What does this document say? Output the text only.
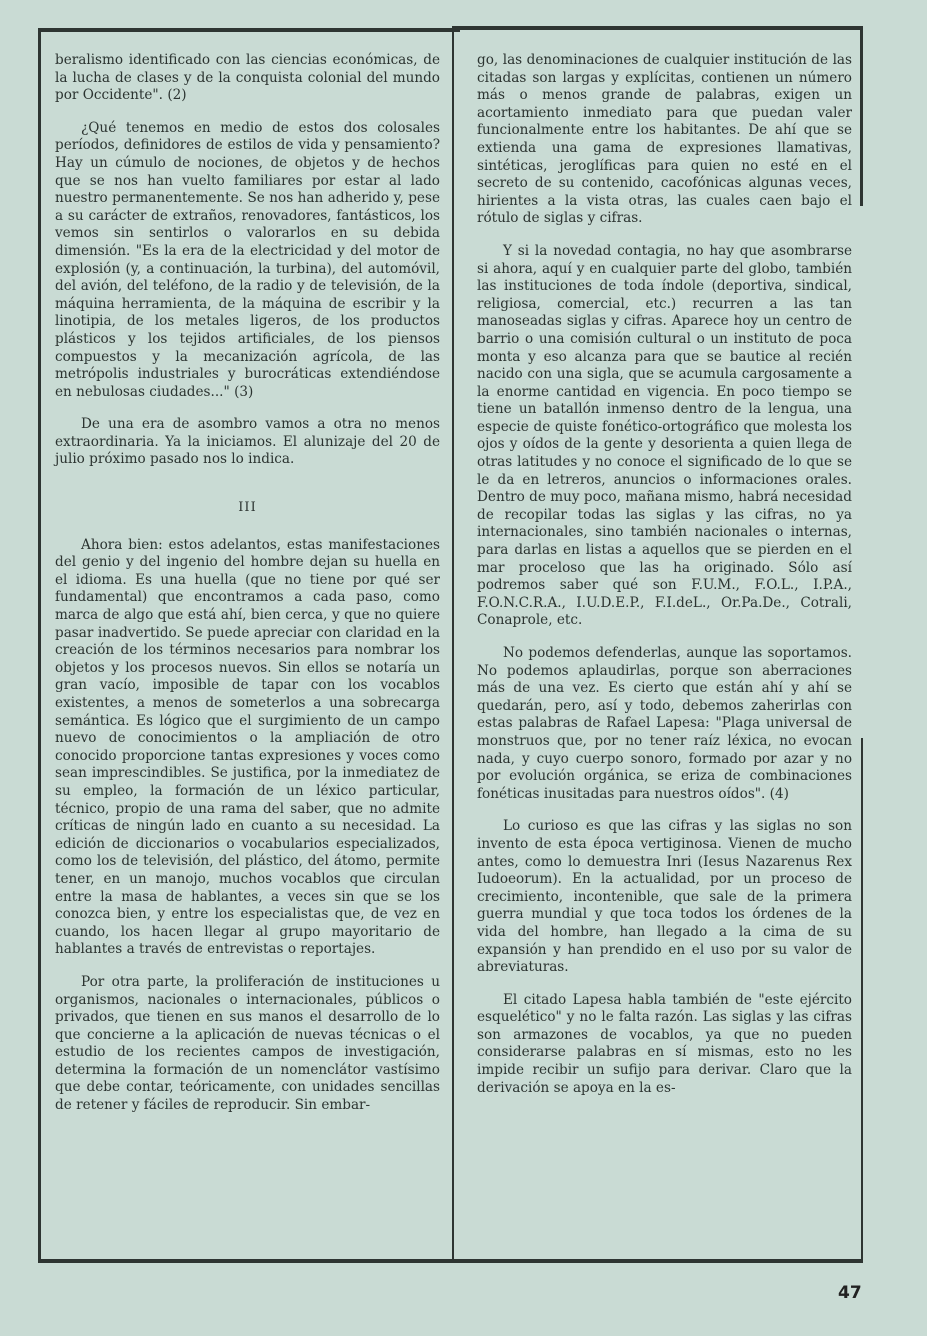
beralismo identificado con las ciencias económicas, de la lucha de clases y de la conquista colonial del mundo por Occidente". (2)

¿Qué tenemos en medio de estos dos colosales períodos, definidores de estilos de vida y pensamiento? Hay un cúmulo de nociones, de objetos y de hechos que se nos han vuelto familiares por estar al lado nuestro permanentemente. Se nos han adherido y, pese a su carácter de extraños, renovadores, fantásticos, los vemos sin sentirlos o valorarlos en su debida dimensión. "Es la era de la electricidad y del motor de explosión (y, a continuación, la turbina), del automóvil, del avión, del teléfono, de la radio y de televisión, de la máquina herramienta, de la máquina de escribir y la linotipia, de los metales ligeros, de los productos plásticos y los tejidos artificiales, de los piensos compuestos y la mecanización agrícola, de las metrópolis industriales y burocráticas extendiéndose en nebulosas ciudades..." (3)

De una era de asombro vamos a otra no menos extraordinaria. Ya la iniciamos. El alunizaje del 20 de julio próximo pasado nos lo indica.

III

Ahora bien: estos adelantos, estas manifestaciones del genio y del ingenio del hombre dejan su huella en el idioma. Es una huella (que no tiene por qué ser fundamental) que encontramos a cada paso, como marca de algo que está ahí, bien cerca, y que no quiere pasar inadvertido. Se puede apreciar con claridad en la creación de los términos necesarios para nombrar los objetos y los procesos nuevos. Sin ellos se notaría un gran vacío, imposible de tapar con los vocablos existentes, a menos de someterlos a una sobrecarga semántica. Es lógico que el surgimiento de un campo nuevo de conocimientos o la ampliación de otro conocido proporcione tantas expresiones y voces como sean imprescindibles. Se justifica, por la inmediatez de su empleo, la formación de un léxico particular, técnico, propio de una rama del saber, que no admite críticas de ningún lado en cuanto a su necesidad. La edición de diccionarios o vocabularios especializados, como los de televisión, del plástico, del átomo, permite tener, en un manojo, muchos vocablos que circulan entre la masa de hablantes, a veces sin que se los conozca bien, y entre los especialistas que, de vez en cuando, los hacen llegar al grupo mayoritario de hablantes a través de entrevistas o reportajes.

Por otra parte, la proliferación de instituciones u organismos, nacionales o internacionales, públicos o privados, que tienen en sus manos el desarrollo de lo que concierne a la aplicación de nuevas técnicas o el estudio de los recientes campos de investigación, determina la formación de un nomenclátor vastísimo que debe contar, teóricamente, con unidades sencillas de retener y fáciles de reproducir. Sin embar-

go, las denominaciones de cualquier institución de las citadas son largas y explícitas, contienen un número más o menos grande de palabras, exigen un acortamiento inmediato para que puedan valer funcionalmente entre los habitantes. De ahí que se extienda una gama de expresiones llamativas, sintéticas, jeroglíficas para quien no esté en el secreto de su contenido, cacofónicas algunas veces, hirientes a la vista otras, las cuales caen bajo el rótulo de siglas y cifras.

Y si la novedad contagia, no hay que asombrarse si ahora, aquí y en cualquier parte del globo, también las instituciones de toda índole (deportiva, sindical, religiosa, comercial, etc.) recurren a las tan manoseadas siglas y cifras. Aparece hoy un centro de barrio o una comisión cultural o un instituto de poca monta y eso alcanza para que se bautice al recién nacido con una sigla, que se acumula cargosamente a la enorme cantidad en vigencia. En poco tiempo se tiene un batallón inmenso dentro de la lengua, una especie de quiste fonético-ortográfico que molesta los ojos y oídos de la gente y desorienta a quien llega de otras latitudes y no conoce el significado de lo que se le da en letreros, anuncios o informaciones orales. Dentro de muy poco, mañana mismo, habrá necesidad de recopilar todas las siglas y las cifras, no ya internacionales, sino también nacionales o internas, para darlas en listas a aquellos que se pierden en el mar proceloso que las ha originado. Sólo así podremos saber qué son F.U.M., F.O.L., I.P.A., F.O.N.C.R.A., I.U.D.E.P., F.I.deL., Or.Pa.De., Cotrali, Conaprole, etc.

No podemos defenderlas, aunque las soportamos. No podemos aplaudirlas, porque son aberraciones más de una vez. Es cierto que están ahí y ahí se quedarán, pero, así y todo, debemos zaherirlas con estas palabras de Rafael Lapesa: "Plaga universal de monstruos que, por no tener raíz léxica, no evocan nada, y cuyo cuerpo sonoro, formado por azar y no por evolución orgánica, se eriza de combinaciones fonéticas inusitadas para nuestros oídos". (4)

Lo curioso es que las cifras y las siglas no son invento de esta época vertiginosa. Vienen de mucho antes, como lo demuestra Inri (Iesus Nazarenus Rex Iudoeorum). En la actualidad, por un proceso de crecimiento, incontenible, que sale de la primera guerra mundial y que toca todos los órdenes de la vida del hombre, han llegado a la cima de su expansión y han prendido en el uso por su valor de abreviaturas.

El citado Lapesa habla también de "este ejército esquelético" y no le falta razón. Las siglas y las cifras son armazones de vocablos, ya que no pueden considerarse palabras en sí mismas, esto no les impide recibir un sufijo para derivar. Claro que la derivación se apoya en la es-

47
